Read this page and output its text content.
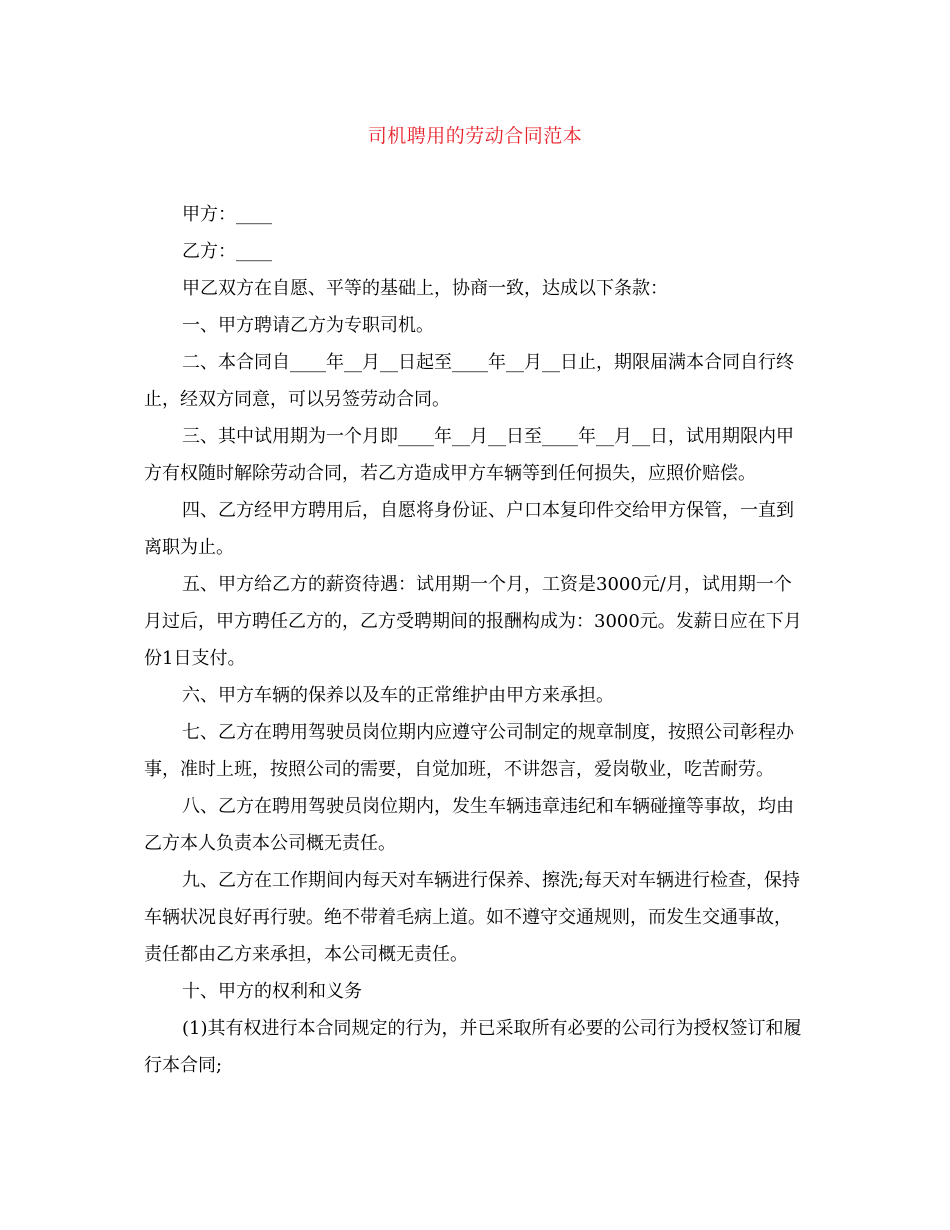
司机聘用的劳动合同范本

甲方：____

乙方：____

甲乙双方在自愿、平等的基础上，协商一致，达成以下条款：

一、甲方聘请乙方为专职司机。

二、本合同自____年__月__日起至____年__月__日止，期限届满本合同自行终止，经双方同意，可以另签劳动合同。

三、其中试用期为一个月即____年__月__日至____年__月__日，试用期限内甲方有权随时解除劳动合同，若乙方造成甲方车辆等到任何损失，应照价赔偿。

四、乙方经甲方聘用后，自愿将身份证、户口本复印件交给甲方保管，一直到离职为止。

五、甲方给乙方的薪资待遇：试用期一个月，工资是3000元/月，试用期一个月过后，甲方聘任乙方的，乙方受聘期间的报酬构成为：3000元。发薪日应在下月份1日支付。

六、甲方车辆的保养以及车的正常维护由甲方来承担。

七、乙方在聘用驾驶员岗位期内应遵守公司制定的规章制度，按照公司彰程办事，准时上班，按照公司的需要，自觉加班，不讲怨言，爱岗敬业，吃苦耐劳。

八、乙方在聘用驾驶员岗位期内，发生车辆违章违纪和车辆碰撞等事故，均由乙方本人负责本公司概无责任。

九、乙方在工作期间内每天对车辆进行保养、擦洗;每天对车辆进行检查，保持车辆状况良好再行驶。绝不带着毛病上道。如不遵守交通规则，而发生交通事故，责任都由乙方来承担，本公司概无责任。

十、甲方的权利和义务

(1)其有权进行本合同规定的行为，并已采取所有必要的公司行为授权签订和履行本合同;
